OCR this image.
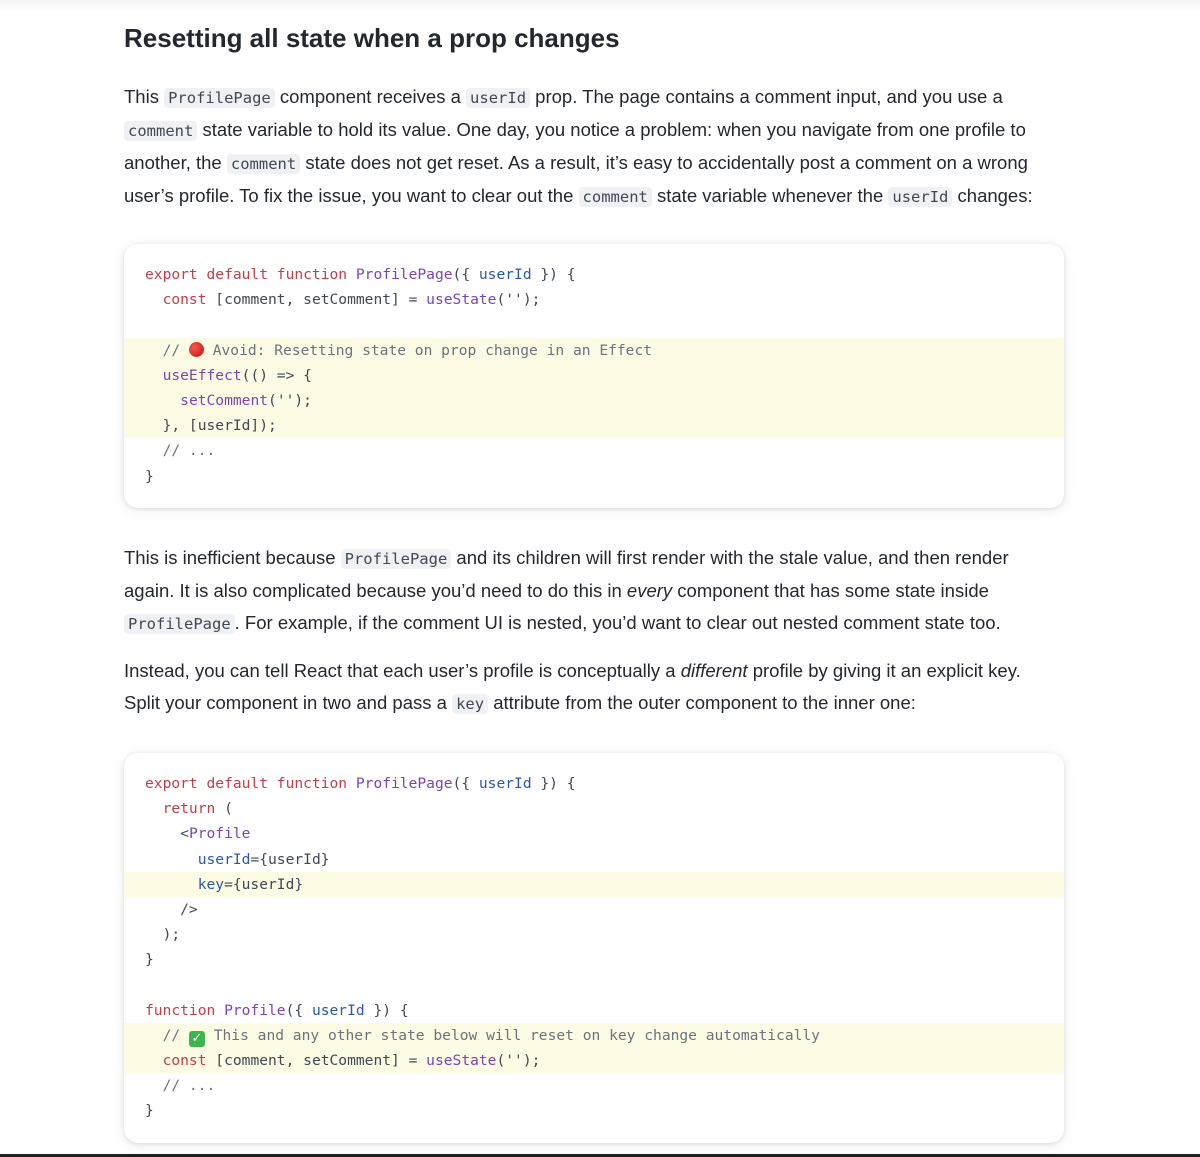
Resetting all state when a prop changes

This ProfilePage component receives a userId prop. The page contains a comment input, and you use a
comment state variable to hold its value. One day, you notice a problem: when you navigate from one profile to
another, the comment state does not get reset. As a result, it’s easy to accidentally post a comment on a wrong
user’s profile. To fix the issue, you want to clear out the comment state variable whenever the userId changes:

export default function ProfilePage({ userId }) {
const [comment, setComment] = useState('');

//  Avoid: Resetting state on prop change in an Effect
useEffect(() => {
setComment('');
}, [userId]);
// ...
}

This is inefficient because ProfilePage and its children will first render with the stale value, and then render
again. It is also complicated because you’d need to do this in every component that has some state inside
ProfilePage . For example, if the comment UI is nested, you’d want to clear out nested comment state too.

Instead, you can tell React that each user’s profile is conceptually a different profile by giving it an explicit key.
Split your component in two and pass a key attribute from the outer component to the inner one:

export default function ProfilePage({ userId }) {
return (
<Profile
userId={userId}
key={userId}
/>
);
}

function Profile({ userId }) {
// ✓ This and any other state below will reset on key change automatically
const [comment, setComment] = useState('');
// ...
}
